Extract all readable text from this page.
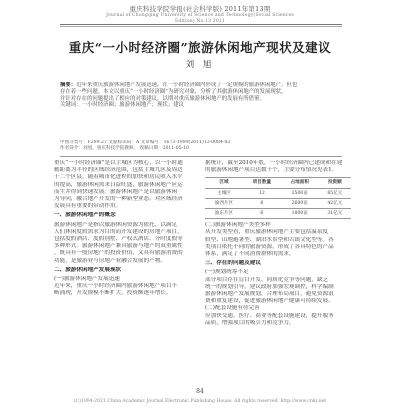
重庆科技学院学报(社会科学版) 2011年第13期
Journal of Chongqing University of Science and Technology(Social Sciences Edition) No.13 2011
重庆“一小时经济圈”旅游休闲地产现状及建议
刘 旭
摘要：近年来重庆旅游休闲地产发展迅速，在一小时经济圈内形成了一定规模的旅游休闲地产，但也
存在着一些问题。本文以重庆“一小时经济圈”为研究对象，分析了其旅游休闲地产的发展现状，
并针对存在的问题提出了相应的对策建议，以期对重庆旅游休闲地产的发展有所借鉴。
关键词：一小时经济圈；旅游休闲地产；现状；建议
中图分类号：F299.27 文献标识码：A 文章编号：1673-1999(2011)13-0084-03
作者简介：刘旭，重庆科技学院教师。 收稿日期：2011-05-10

重庆“一小时经济圈”是以主城区为核心，以一小时通

勤距离为半径的区域经济范围，包括主城九区及周边

十二个区县。随着城市化进程的加快和居民收入水平

的提高，旅游休闲需求日益旺盛，旅游休闲地产应运

而生并得到快速发展。旅游休闲地产是以旅游休闲

为导向，融合地产开发的一种新型业态，对区域经济

发展具有重要的带动作用。

一、旅游休闲地产的概念

旅游休闲地产是指以旅游休闲资源为依托，以满足

人们休闲度假需求为目的而开发建设的房地产项目，

包括度假酒店、度假别墅、产权式酒店、分时度假等

多种形式。旅游休闲地产兼具旅游与地产的双重属性

，既具有一般房地产的投资价值，又具有旅游消费的

功能，是旅游业与房地产业融合发展的产物。

二、旅游休闲地产发展现状

(一)旅游休闲地产发展迅速

近年来，重庆一小时经济圈内旅游休闲地产项目不

断涌现，开发规模不断扩大，投资额逐年增长。

据统计，截至2010年底，一小时经济圈内已建成和在建

的旅游休闲地产项目达数十个，主要分布情况见表1。

区域	项目数量	占地面积	投资额
主城区	12	3500亩	85亿元
渝西片区	8	2600亩	42亿元
渝东片区	6	1800亩	31亿元

(二)旅游休闲地产类型多样

从开发类型看，重庆旅游休闲地产主要包括温泉度

假型、山地避暑型、湖泊水景型和古镇文化型等。各

类项目依托不同的旅游资源，形成了各具特色的产品

体系，满足了不同消费群体的需求。

三、存在的问题及建议

(一)规划统筹不足

部分项目存在盲目开发、同质化竞争等问题，缺乏

统一的规划引导。建议政府加强宏观调控，科学编制

旅游休闲地产发展规划，合理布局项目，避免资源浪

费和重复建设，促进旅游休闲地产健康可持续发展。

(二)配套设施有待完善

应加快交通、医疗、商业等配套设施建设，提升服务

品质，增强项目的吸引力和竞争力。

84
(C)1994-2021 China Academic Journal Electronic Publishing House. All rights reserved. http://www.cnki.net
